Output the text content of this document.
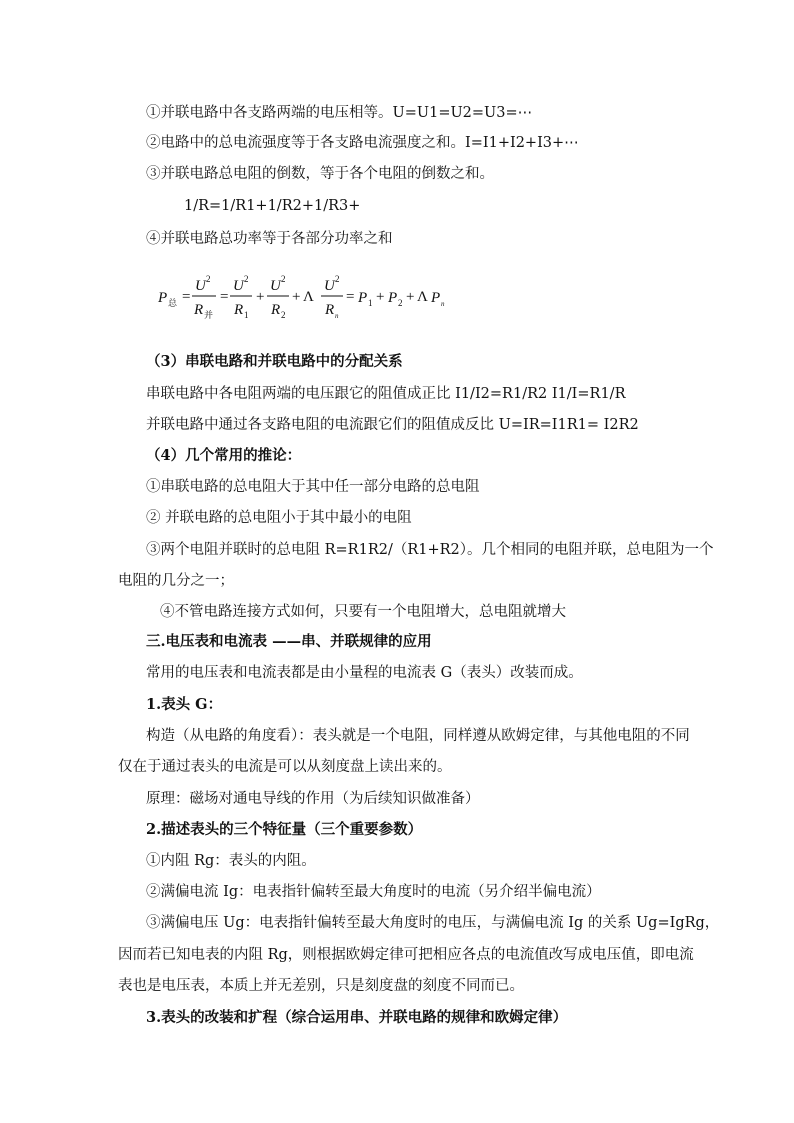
①并联电路中各支路两端的电压相等。U=U1=U2=U3=⋯
②电路中的总电流强度等于各支路电流强度之和。I=I1+I2+I3+⋯
③并联电路总电阻的倒数，等于各个电阻的倒数之和。
1/R=1/R1+1/R2+1/R3+
④并联电路总功率等于各部分功率之和
P 总 =
U 2
R 并
=
U 2
R 1
+
U 2
R 2
+ Λ
U 2
R n
= P 1 + P 2 + Λ P n
（3）串联电路和并联电路中的分配关系
串联电路中各电阻两端的电压跟它的阻值成正比 I1/I2=R1/R2 I1/I=R1/R
并联电路中通过各支路电阻的电流跟它们的阻值成反比 U=IR=I1R1= I2R2
（4）几个常用的推论：
①串联电路的总电阻大于其中任一部分电路的总电阻
② 并联电路的总电阻小于其中最小的电阻
③两个电阻并联时的总电阻 R=R1R2/（R1+R2）。几个相同的电阻并联，总电阻为一个
电阻的几分之一；
④不管电路连接方式如何，只要有一个电阻增大，总电阻就增大
三.电压表和电流表 ——串、并联规律的应用
常用的电压表和电流表都是由小量程的电流表 G（表头）改装而成。
1.表头 G：
构造（从电路的角度看）：表头就是一个电阻，同样遵从欧姆定律，与其他电阻的不同
仅在于通过表头的电流是可以从刻度盘上读出来的。
原理：磁场对通电导线的作用（为后续知识做准备）
2.描述表头的三个特征量（三个重要参数）
①内阻 Rg：表头的内阻。
②满偏电流 Ig：电表指针偏转至最大角度时的电流（另介绍半偏电流）
③满偏电压 Ug：电表指针偏转至最大角度时的电压，与满偏电流 Ig 的关系 Ug=IgRg，
因而若已知电表的内阻 Rg，则根据欧姆定律可把相应各点的电流值改写成电压值，即电流
表也是电压表，本质上并无差别，只是刻度盘的刻度不同而已。
3.表头的改装和扩程（综合运用串、并联电路的规律和欧姆定律）
